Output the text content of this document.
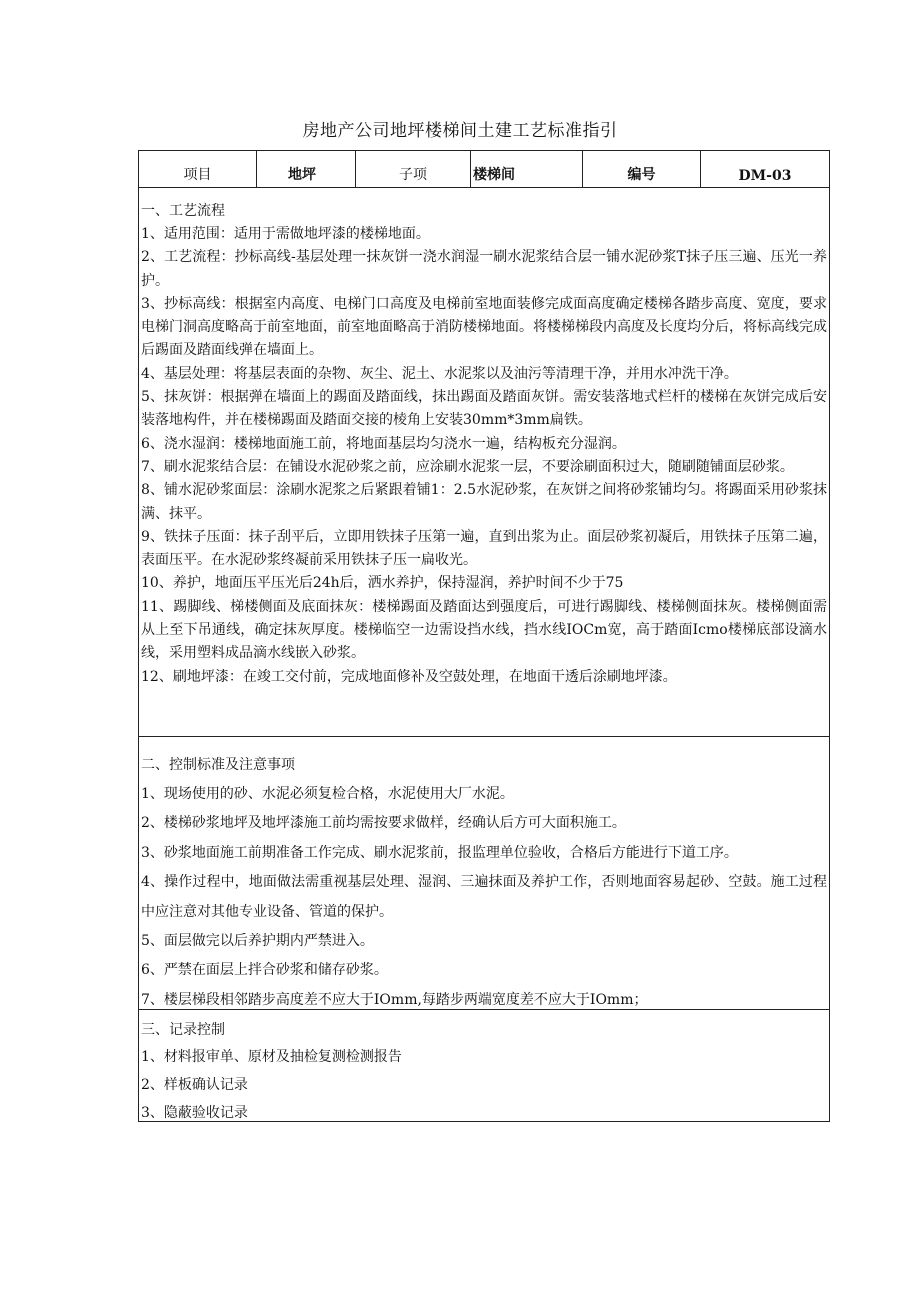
房地产公司地坪楼梯间土建工艺标准指引
项目	地坪	子项	楼梯间	编号	DM-03
一、工艺流程

1、适用范围：适用于需做地坪漆的楼梯地面。

2、工艺流程：抄标高线-基层处理一抹灰饼一浇水润湿一刷水泥浆结合层一铺水泥砂浆T抹子压三遍、压光一养护。

3、抄标高线：根据室内高度、电梯门口高度及电梯前室地面装修完成面高度确定楼梯各踏步高度、宽度，要求电梯门洞高度略高于前室地面，前室地面略高于消防楼梯地面。将楼梯梯段内高度及长度均分后，将标高线完成后踢面及踏面线弹在墙面上。

4、基层处理：将基层表面的杂物、灰尘、泥土、水泥浆以及油污等清理干净，并用水冲洗干净。

5、抹灰饼：根据弹在墙面上的踢面及踏面线，抹出踢面及踏面灰饼。需安装落地式栏杆的楼梯在灰饼完成后安装落地构件，并在楼梯踢面及踏面交接的棱角上安装30mm*3mm扁铁。

6、浇水湿润：楼梯地面施工前，将地面基层均匀浇水一遍，结构板充分湿润。

7、刷水泥浆结合层：在铺设水泥砂浆之前，应涂刷水泥浆一层，不要涂刷面积过大，随刷随铺面层砂浆。

8、铺水泥砂浆面层：涂刷水泥浆之后紧跟着铺1：2.5水泥砂浆，在灰饼之间将砂浆铺均匀。将踢面采用砂浆抹满、抹平。

9、铁抹子压面：抹子刮平后，立即用铁抹子压第一遍，直到出浆为止。面层砂浆初凝后，用铁抹子压第二遍，表面压平。在水泥砂浆终凝前采用铁抹子压一扁收光。

10、养护，地面压平压光后24h后，洒水养护，保持湿润，养护时间不少于75

11、踢脚线、梯楼侧面及底面抹灰：楼梯踢面及踏面达到强度后，可进行踢脚线、楼梯侧面抹灰。楼梯侧面需从上至下吊通线，确定抹灰厚度。楼梯临空一边需设挡水线，挡水线IOCm宽，高于踏面Icmo楼梯底部设滴水线，采用塑料成品滴水线嵌入砂浆。

12、刷地坪漆：在竣工交付前，完成地面修补及空鼓处理，在地面干透后涂刷地坪漆。

二、控制标准及注意事项

1、现场使用的砂、水泥必须复检合格，水泥使用大厂水泥。

2、楼梯砂浆地坪及地坪漆施工前均需按要求做样，经确认后方可大面积施工。

3、砂浆地面施工前期准备工作完成、刷水泥浆前，报监理单位验收，合格后方能进行下道工序。

4、操作过程中，地面做法需重视基层处理、湿润、三遍抹面及养护工作，否则地面容易起砂、空鼓。施工过程中应注意对其他专业设备、管道的保护。

5、面层做完以后养护期内严禁进入。

6、严禁在面层上拌合砂浆和储存砂浆。

7、楼层梯段相邻踏步高度差不应大于IOmm,每踏步两端宽度差不应大于IOmm；

三、记录控制

1、材料报审单、原材及抽检复测检测报告

2、样板确认记录

3、隐蔽验收记录
